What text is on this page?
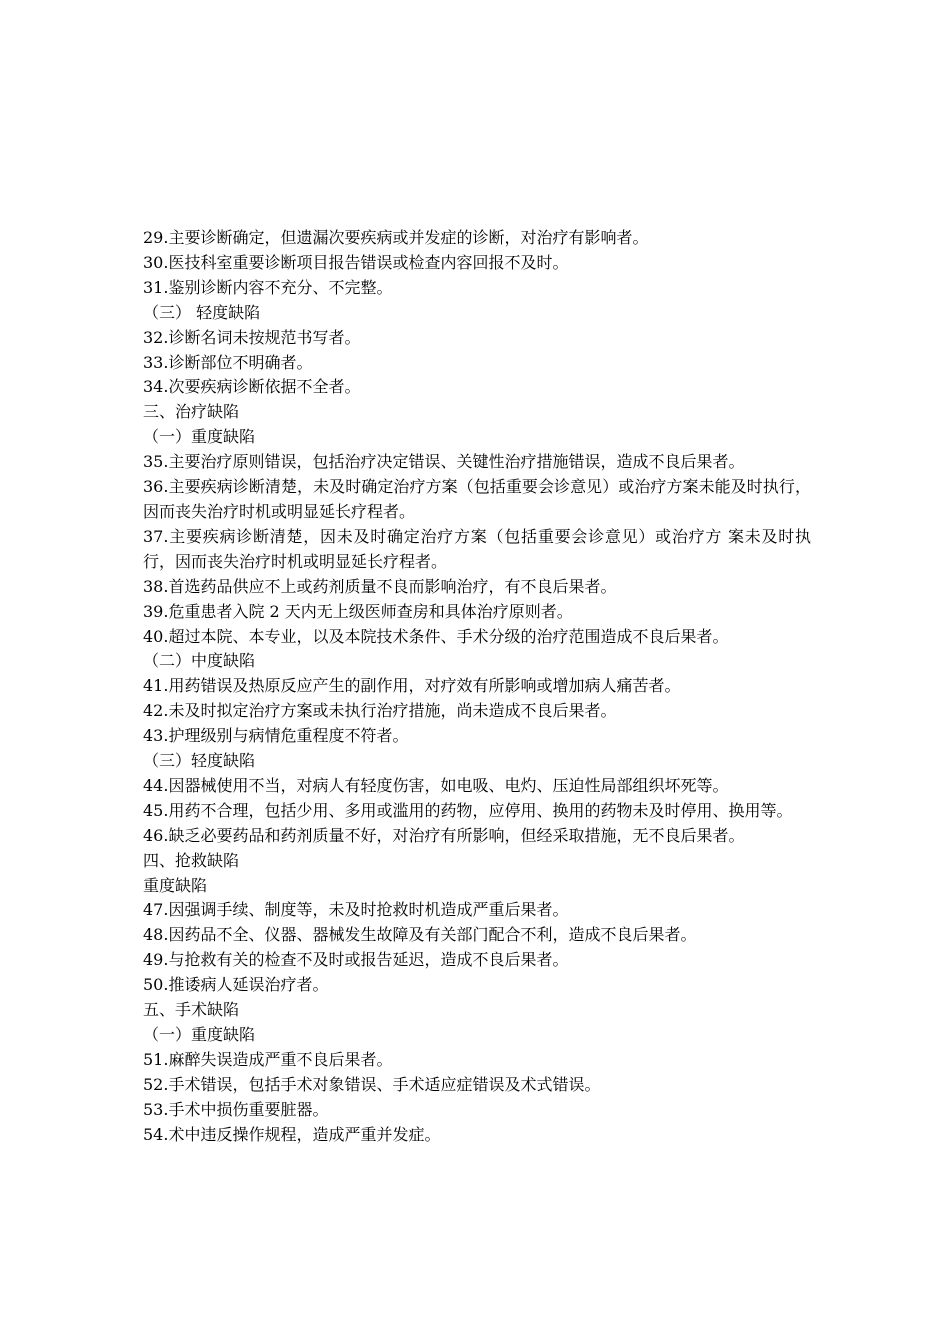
29.主要诊断确定，但遗漏次要疾病或并发症的诊断，对治疗有影响者。
30.医技科室重要诊断项目报告错误或检查内容回报不及时。
31.鉴别诊断内容不充分、不完整。
（三） 轻度缺陷
32.诊断名词未按规范书写者。
33.诊断部位不明确者。
34.次要疾病诊断依据不全者。
三、治疗缺陷
（一）重度缺陷
35.主要治疗原则错误，包括治疗决定错误、关键性治疗措施错误，造成不良后果者。
36.主要疾病诊断清楚，未及时确定治疗方案（包括重要会诊意见）或治疗方案未能及时执行，因而丧失治疗时机或明显延长疗程者。
37.主要疾病诊断清楚，因未及时确定治疗方案（包括重要会诊意见）或治疗方 案未及时执行，因而丧失治疗时机或明显延长疗程者。
38.首选药品供应不上或药剂质量不良而影响治疗，有不良后果者。
39.危重患者入院 2 天内无上级医师查房和具体治疗原则者。
40.超过本院、本专业，以及本院技术条件、手术分级的治疗范围造成不良后果者。
（二）中度缺陷
41.用药错误及热原反应产生的副作用，对疗效有所影响或增加病人痛苦者。
42.未及时拟定治疗方案或未执行治疗措施，尚未造成不良后果者。
43.护理级别与病情危重程度不符者。
（三）轻度缺陷
44.因器械使用不当，对病人有轻度伤害，如电吸、电灼、压迫性局部组织坏死等。
45.用药不合理，包括少用、多用或滥用的药物，应停用、换用的药物未及时停用、换用等。
46.缺乏必要药品和药剂质量不好，对治疗有所影响，但经采取措施，无不良后果者。
四、抢救缺陷
重度缺陷
47.因强调手续、制度等，未及时抢救时机造成严重后果者。
48.因药品不全、仪器、器械发生故障及有关部门配合不利，造成不良后果者。
49.与抢救有关的检查不及时或报告延迟，造成不良后果者。
50.推诿病人延误治疗者。
五、手术缺陷
（一）重度缺陷
51.麻醉失误造成严重不良后果者。
52.手术错误，包括手术对象错误、手术适应症错误及术式错误。
53.手术中损伤重要脏器。
54.术中违反操作规程，造成严重并发症。
